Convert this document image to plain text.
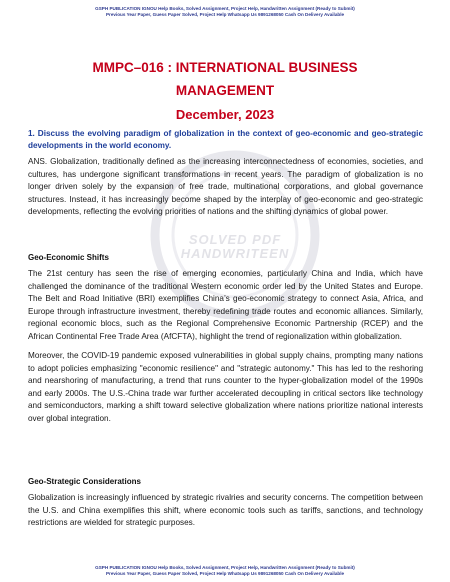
GSPH PUBLICATION IGNOU Help Books, Solved Assignment, Project Help, Handwritten Assignment (Ready to Submit)
Previous Year Paper, Guess Paper Solved, Project Help Whatsapp Us 9891268050 Cash On Delivery Available
SOLVED PDF
HANDWRITEEN
MMPC–016 : INTERNATIONAL BUSINESS
MANAGEMENT
December, 2023
1. Discuss the evolving paradigm of globalization in the context of geo-economic and geo-strategic developments in the world economy.
ANS. Globalization, traditionally defined as the increasing interconnectedness of economies, societies, and cultures, has undergone significant transformations in recent years. The paradigm of globalization is no longer driven solely by the expansion of free trade, multinational corporations, and global governance structures. Instead, it has increasingly become shaped by the interplay of geo-economic and geo-strategic developments, reflecting the evolving priorities of nations and the shifting dynamics of global power.
Geo-Economic Shifts
The 21st century has seen the rise of emerging economies, particularly China and India, which have challenged the dominance of the traditional Western economic order led by the United States and Europe. The Belt and Road Initiative (BRI) exemplifies China’s geo-economic strategy to connect Asia, Africa, and Europe through infrastructure investment, thereby redefining trade routes and economic alliances. Similarly, regional economic blocs, such as the Regional Comprehensive Economic Partnership (RCEP) and the African Continental Free Trade Area (AfCFTA), highlight the trend of regionalization within globalization.
Moreover, the COVID-19 pandemic exposed vulnerabilities in global supply chains, prompting many nations to adopt policies emphasizing "economic resilience" and "strategic autonomy." This has led to the reshoring and nearshoring of manufacturing, a trend that runs counter to the hyper-globalization model of the 1990s and early 2000s. The U.S.-China trade war further accelerated decoupling in critical sectors like technology and semiconductors, marking a shift toward selective globalization where nations prioritize national interests over global integration.
Geo-Strategic Considerations
Globalization is increasingly influenced by strategic rivalries and security concerns. The competition between the U.S. and China exemplifies this shift, where economic tools such as tariffs, sanctions, and technology restrictions are wielded for strategic purposes.
GSPH PUBLICATION IGNOU Help Books, Solved Assignment, Project Help, Handwritten Assignment (Ready to Submit)
Previous Year Paper, Guess Paper Solved, Project Help Whatsapp Us 9891268050 Cash On Delivery Available
